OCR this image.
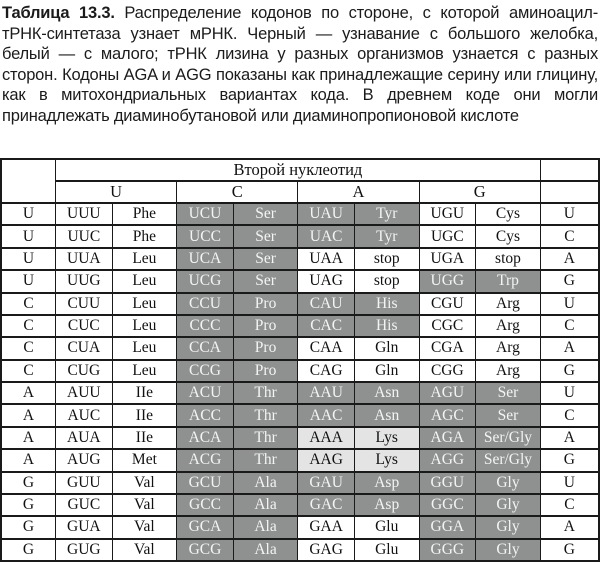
Таблица 13.3. Распределение кодонов по стороне, с которой аминоацил-тРНК-синтетаза узнает мРНК. Черный — узнавание с большого желобка, белый — с малого; тРНК лизина у разных организмов узнается с разных сторон. Кодоны AGA и AGG показаны как принадлежащие серину или глицину, как в митохондриальных вариантах кода. В древнем коде они могли принадлежать диаминобутановой или диаминопропионовой кислоте

	Второй нуклеотид								
	U		C		A		G		
U	UUU	Phe	UCU	Ser	UAU	Tyr	UGU	Cys	U
U	UUC	Phe	UCC	Ser	UAC	Tyr	UGC	Cys	C
U	UUA	Leu	UCA	Ser	UAA	stop	UGA	stop	A
U	UUG	Leu	UCG	Ser	UAG	stop	UGG	Trp	G
C	CUU	Leu	CCU	Pro	CAU	His	CGU	Arg	U
C	CUC	Leu	CCC	Pro	CAC	His	CGC	Arg	C
C	CUA	Leu	CCA	Pro	CAA	Gln	CGA	Arg	A
C	CUG	Leu	CCG	Pro	CAG	Gln	CGG	Arg	G
A	AUU	IIe	ACU	Thr	AAU	Asn	AGU	Ser	U
A	AUC	IIe	ACC	Thr	AAC	Asn	AGC	Ser	C
A	AUA	IIe	ACA	Thr	AAA	Lys	AGA	Ser/Gly	A
A	AUG	Met	ACG	Thr	AAG	Lys	AGG	Ser/Gly	G
G	GUU	Val	GCU	Ala	GAU	Asp	GGU	Gly	U
G	GUC	Val	GCC	Ala	GAC	Asp	GGC	Gly	C
G	GUA	Val	GCA	Ala	GAA	Glu	GGA	Gly	A
G	GUG	Val	GCG	Ala	GAG	Glu	GGG	Gly	G
